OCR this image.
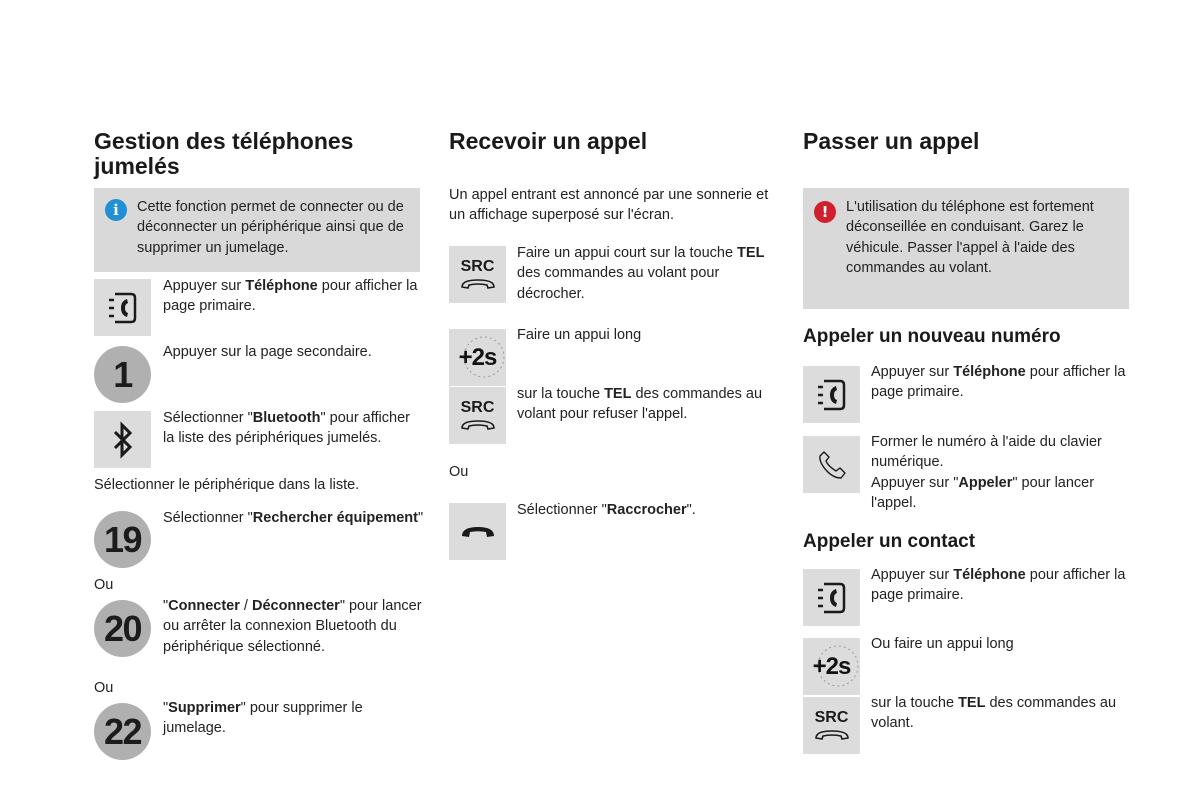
Gestion des téléphones jumelés
i	Cette fonction permet de connecter ou de déconnecter un périphérique ainsi que de supprimer un jumelage.
Appuyer sur Téléphone pour afficher la page primaire.
1
Appuyer sur la page secondaire.
Sélectionner "Bluetooth" pour afficher la liste des périphériques jumelés.
Sélectionner le périphérique dans la liste.
19
Sélectionner "Rechercher équipement"
Ou
20
"Connecter / Déconnecter" pour lancer ou arrêter la connexion Bluetooth du périphérique sélectionné.
Ou
22
"Supprimer" pour supprimer le jumelage.
Recevoir un appel
Un appel entrant est annoncé par une sonnerie et un affichage superposé sur l'écran.
SRC
Faire un appui court sur la touche TEL des commandes au volant pour décrocher.
+2s
Faire un appui long
SRC
sur la touche TEL des commandes au volant pour refuser l'appel.
Ou
Sélectionner "Raccrocher".
Passer un appel
!	L'utilisation du téléphone est fortement déconseillée en conduisant. Garez le véhicule. Passer l'appel à l'aide des commandes au volant.
Appeler un nouveau numéro
Appuyer sur Téléphone pour afficher la page primaire.
Former le numéro à l'aide du clavier numérique.
Appuyer sur "Appeler" pour lancer l'appel.
Appeler un contact
Appuyer sur Téléphone pour afficher la page primaire.
+2s
Ou faire un appui long
SRC
sur la touche TEL des commandes au volant.
